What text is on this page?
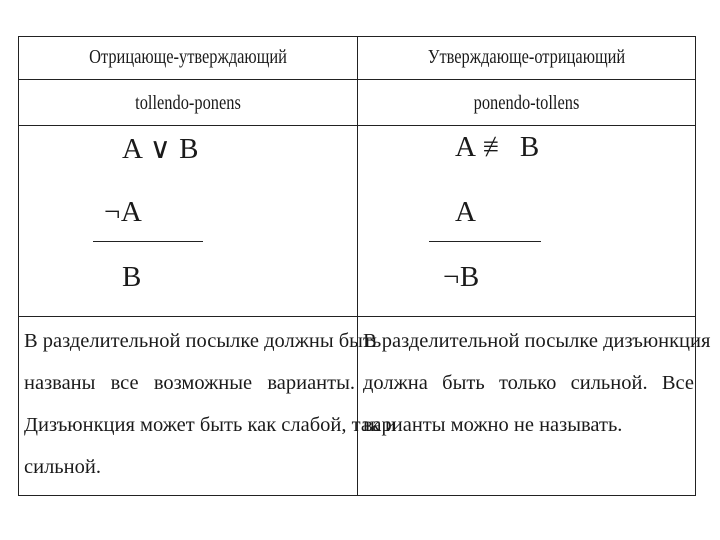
Отрицающе-утверждающий	Утверждающе-отрицающий
tollendo-ponens	ponendo-tollens
A ∨ B
¬A
B
A ≢ B
A
¬B
В разделительной посылке должны быть
названы все возможные варианты.
Дизъюнкция может быть как слабой, так и
сильной.
В разделительной посылке дизъюнкция
должна быть только сильной. Все
варианты можно не называть.
